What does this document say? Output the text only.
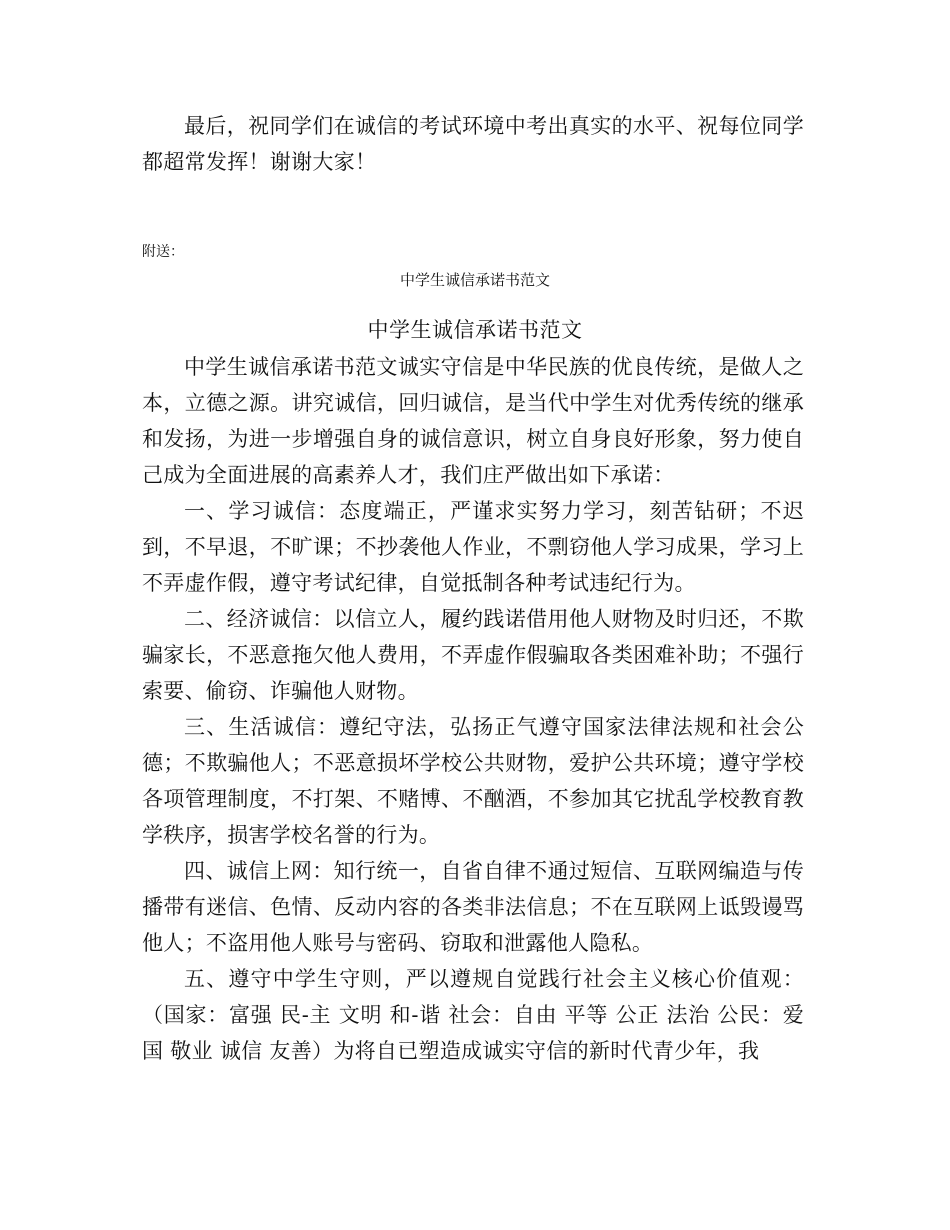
最后，祝同学们在诚信的考试环境中考出真实的水平、祝每位同学都超常发挥！谢谢大家！

附送：
中学生诚信承诺书范文
中学生诚信承诺书范文

中学生诚信承诺书范文诚实守信是中华民族的优良传统，是做人之本，立德之源。讲究诚信，回归诚信，是当代中学生对优秀传统的继承和发扬，为进一步增强自身的诚信意识，树立自身良好形象，努力使自己成为全面进展的高素养人才，我们庄严做出如下承诺：

一、学习诚信：态度端正，严谨求实努力学习，刻苦钻研；不迟到，不早退，不旷课；不抄袭他人作业，不剽窃他人学习成果，学习上不弄虚作假，遵守考试纪律，自觉抵制各种考试违纪行为。

二、经济诚信：以信立人，履约践诺借用他人财物及时归还，不欺骗家长，不恶意拖欠他人费用，不弄虚作假骗取各类困难补助；不强行索要、偷窃、诈骗他人财物。

三、生活诚信：遵纪守法，弘扬正气遵守国家法律法规和社会公德；不欺骗他人；不恶意损坏学校公共财物，爱护公共环境；遵守学校各项管理制度，不打架、不赌博、不酗酒，不参加其它扰乱学校教育教学秩序，损害学校名誉的行为。

四、诚信上网：知行统一，自省自律不通过短信、互联网编造与传播带有迷信、色情、反动内容的各类非法信息；不在互联网上诋毁谩骂他人；不盗用他人账号与密码、窃取和泄露他人隐私。

五、遵守中学生守则，严以遵规自觉践行社会主义核心价值观：（国家：富强 民-主 文明 和-谐 社会：自由 平等 公正 法治 公民：爱国 敬业 诚信 友善）为将自已塑造成诚实守信的新时代青少年，我
